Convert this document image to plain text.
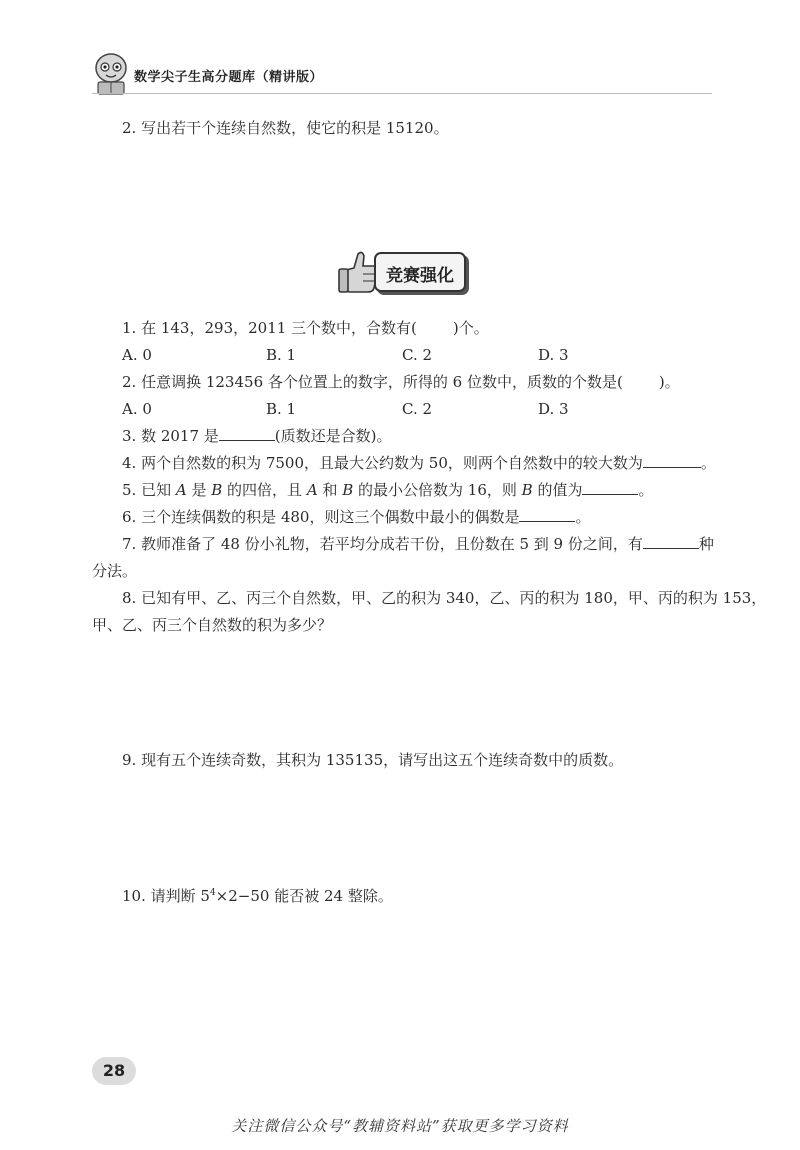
数学尖子生高分题库（精讲版）
2. 写出若干个连续自然数，使它的积是 15120。
竞赛强化
1. 在 143，293，2011 三个数中，合数有( )个。
A. 0	B. 1	C. 2	D. 3
2. 任意调换 123456 各个位置上的数字，所得的 6 位数中，质数的个数是( )。
A. 0	B. 1	C. 2	D. 3
3. 数 2017 是	(质数还是合数)。
4. 两个自然数的积为 7500，且最大公约数为 50，则两个自然数中的较大数为	。
5. 已知 A 是 B 的四倍，且 A 和 B 的最小公倍数为 16，则 B 的值为	。
6. 三个连续偶数的积是 480，则这三个偶数中最小的偶数是	。
7. 教师准备了 48 份小礼物，若平均分成若干份，且份数在 5 到 9 份之间，有	种
分法。
8. 已知有甲、乙、丙三个自然数，甲、乙的积为 340，乙、丙的积为 180，甲、丙的积为 153，
甲、乙、丙三个自然数的积为多少？
9. 现有五个连续奇数，其积为 135135，请写出这五个连续奇数中的质数。
10. 请判断 $5^4\times 2-50$ 能否被 24 整除。
28
关注微信公众号“教辅资料站”获取更多学习资料
